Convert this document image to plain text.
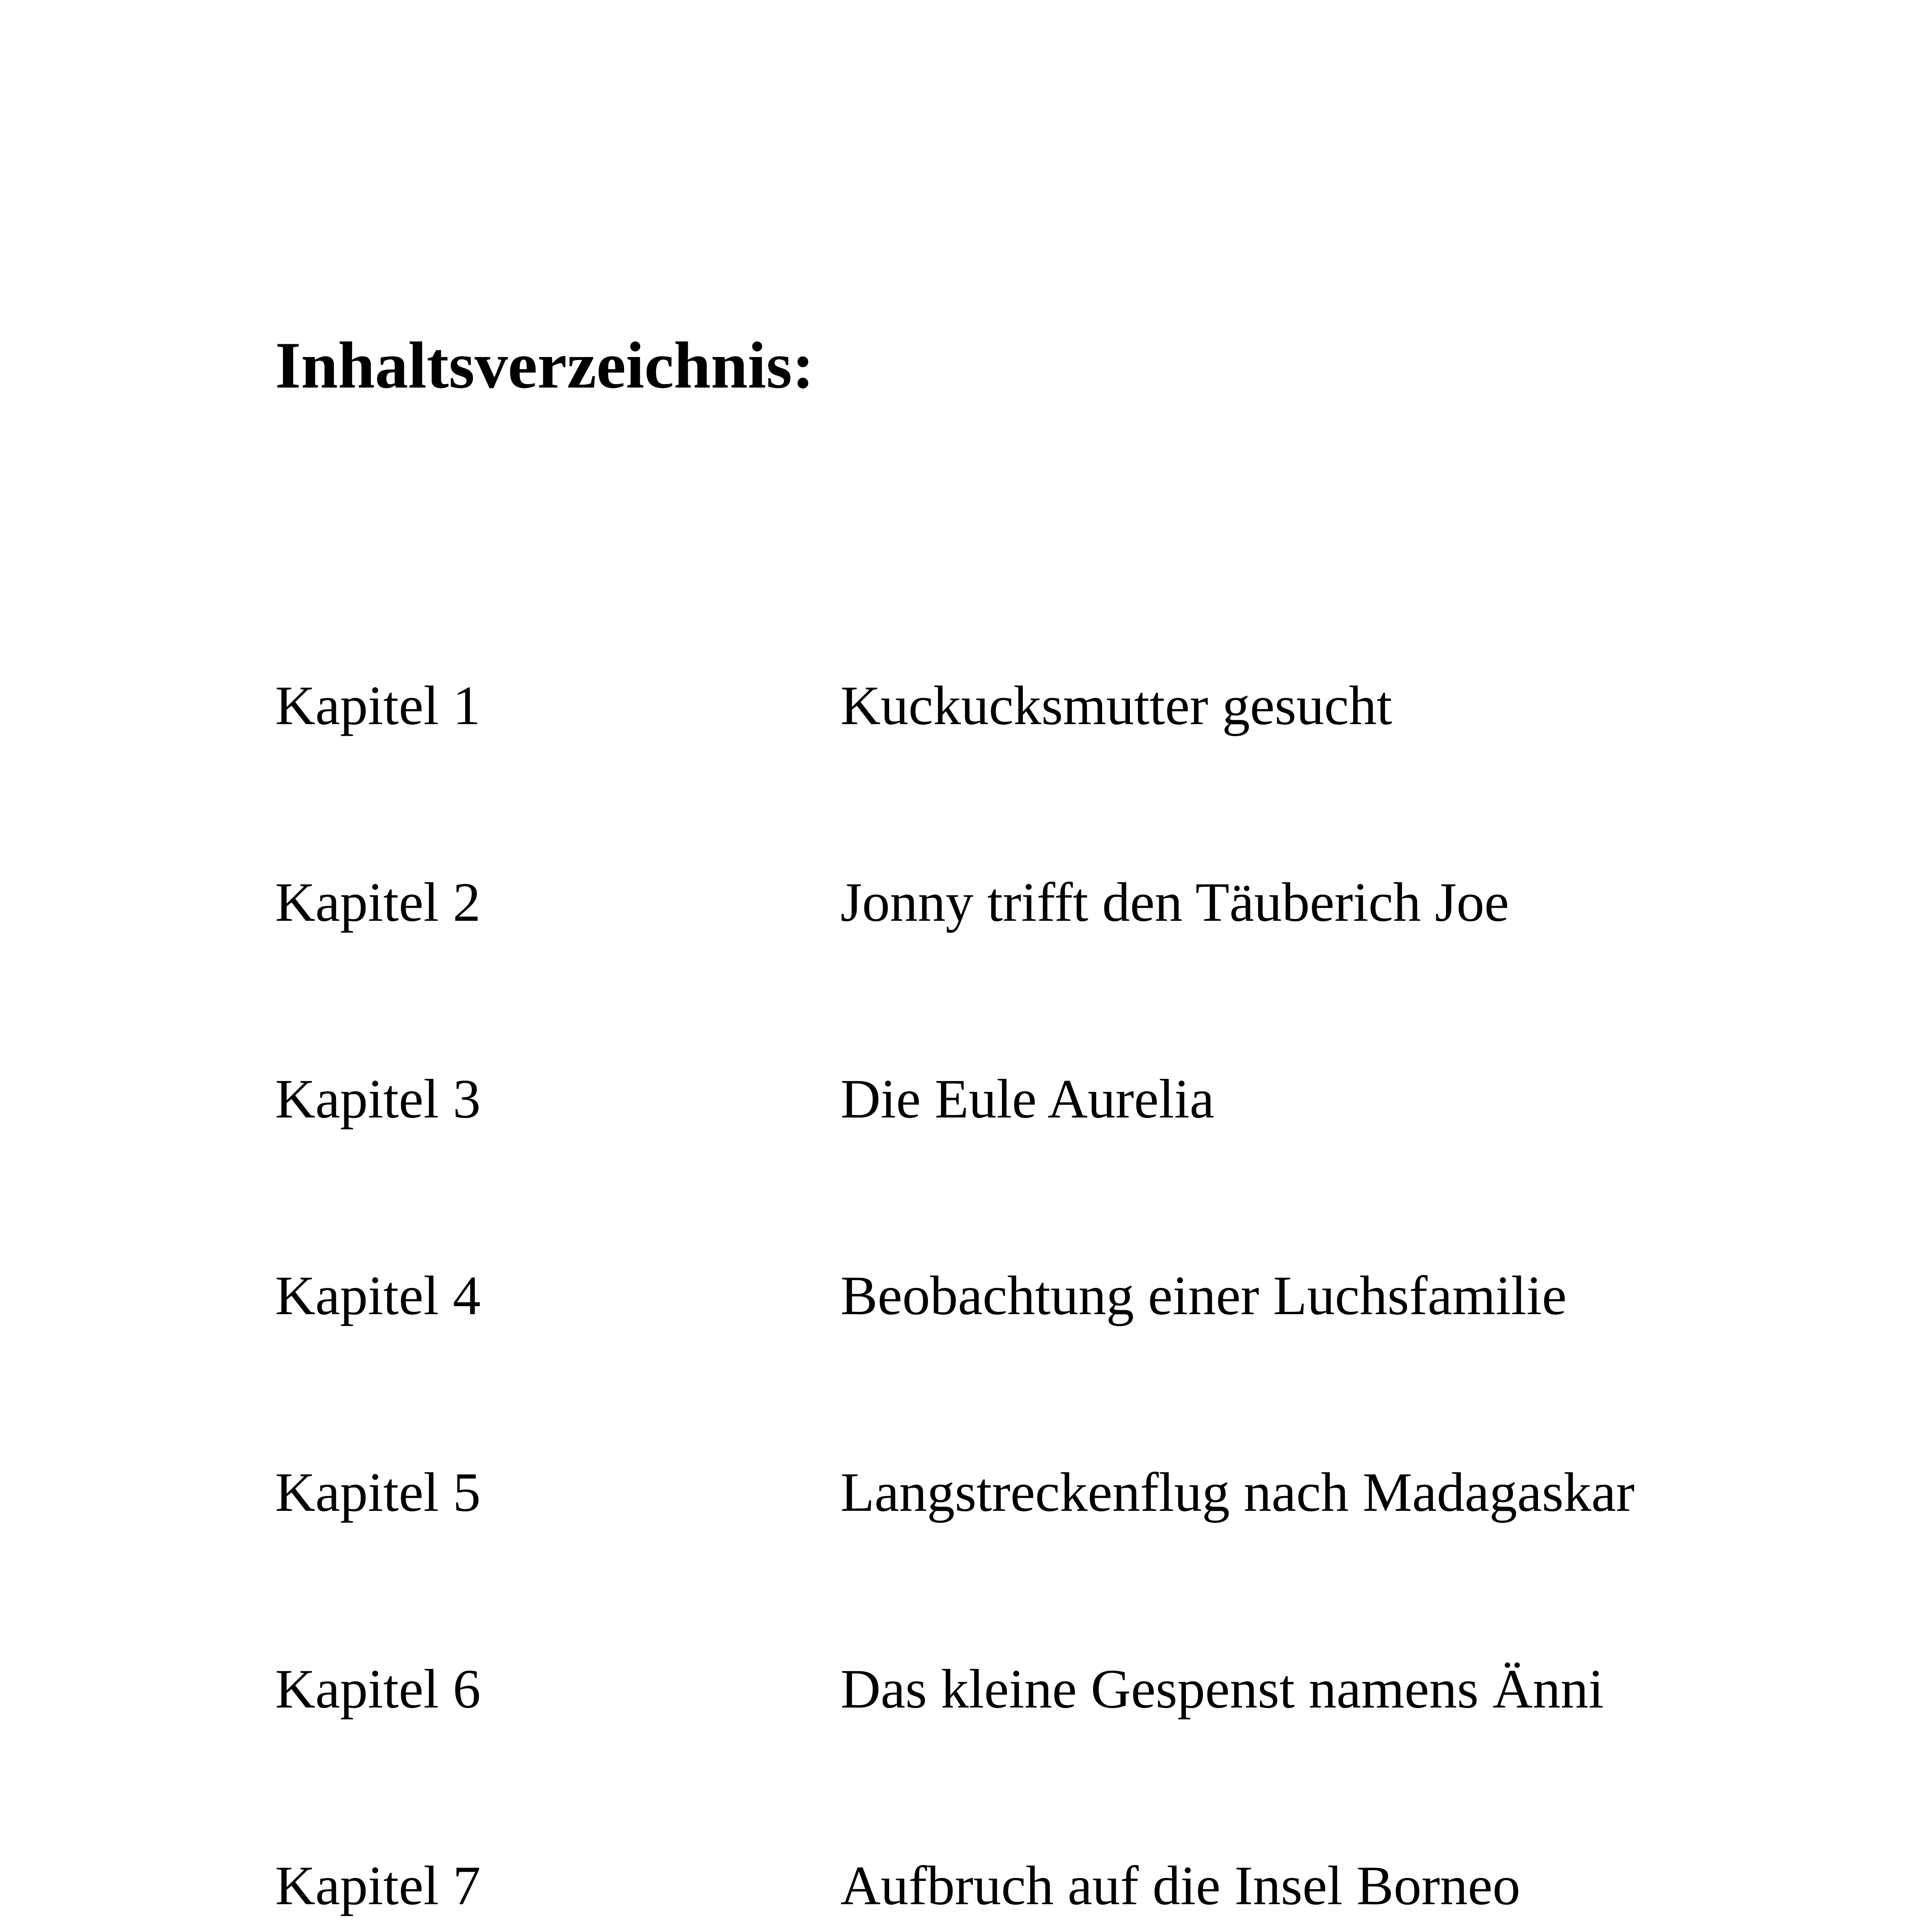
Inhaltsverzeichnis:
Kapitel 1	Kuckucksmutter gesucht
Kapitel 2	Jonny trifft den Täuberich Joe
Kapitel 3	Die Eule Aurelia
Kapitel 4	Beobachtung einer Luchsfamilie
Kapitel 5	Langstreckenflug nach Madagaskar
Kapitel 6	Das kleine Gespenst namens Änni
Kapitel 7	Aufbruch auf die Insel Borneo
